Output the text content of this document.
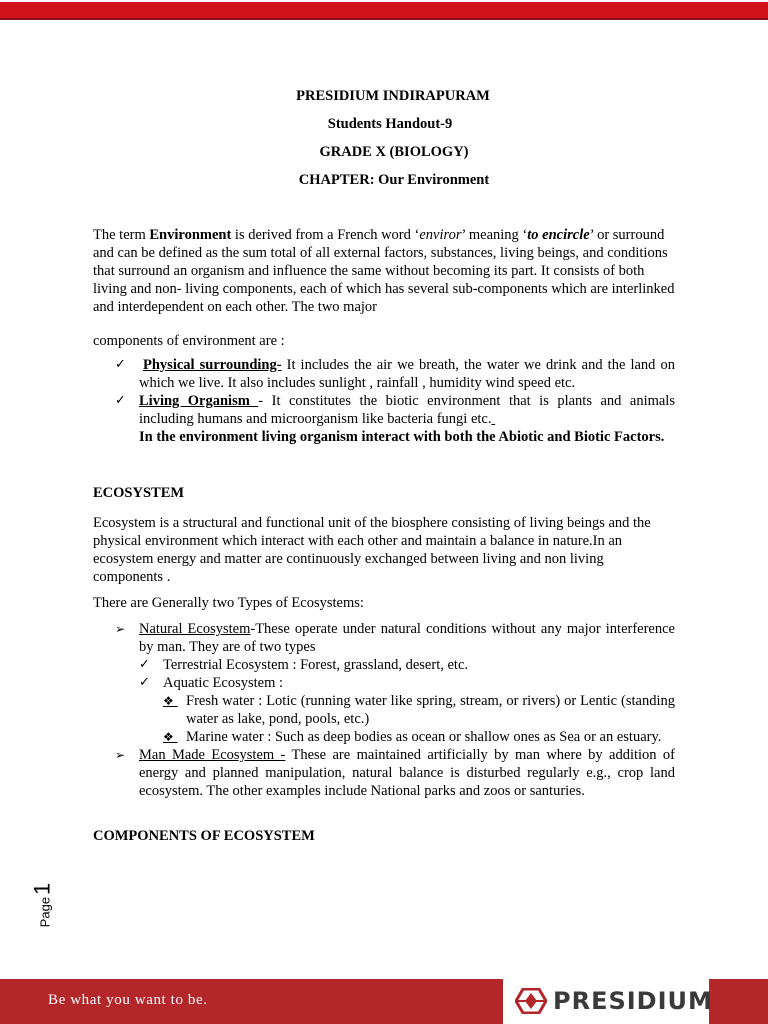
PRESIDIUM INDIRAPURAM
Students Handout-9
GRADE X (BIOLOGY)
CHAPTER: Our Environment

The term Environment is derived from a French word ‘enviror’ meaning ‘to encircle’ or surround and can be defined as the sum total of all external factors, substances, living beings, and conditions that surround an organism and influence the same without becoming its part. It consists of both living and non- living components, each of which has several sub-components which are interlinked and interdependent on each other. The two major

components of environment are :

✓ Physical surrounding- It includes the air we breath, the water we drink and the land on which we live. It also includes sunlight , rainfall , humidity wind speed etc.
✓ Living Organism - It constitutes the biotic environment that is plants and animals including humans and microorganism like bacteria fungi etc.
In the environment living organism interact with both the Abiotic and Biotic Factors.

ECOSYSTEM

Ecosystem is a structural and functional unit of the biosphere consisting of living beings and the physical environment which interact with each other and maintain a balance in nature.In an ecosystem energy and matter are continuously exchanged between living and non living components .

There are Generally two Types of Ecosystems:

➢ Natural Ecosystem-These operate under natural conditions without any major interference by man. They are of two types
✓ Terrestrial Ecosystem : Forest, grassland, desert, etc.
✓ Aquatic Ecosystem :
❖ Fresh water : Lotic (running water like spring, stream, or rivers) or Lentic (standing water as lake, pond, pools, etc.)
❖ Marine water : Such as deep bodies as ocean or shallow ones as Sea or an estuary.
➢ Man Made Ecosystem - These are maintained artificially by man where by addition of energy and planned manipulation, natural balance is disturbed regularly e.g., crop land ecosystem. The other examples include National parks and zoos or santuries.

COMPONENTS OF ECOSYSTEM

Page
1
Be what you want to be.	PRESIDIUM
